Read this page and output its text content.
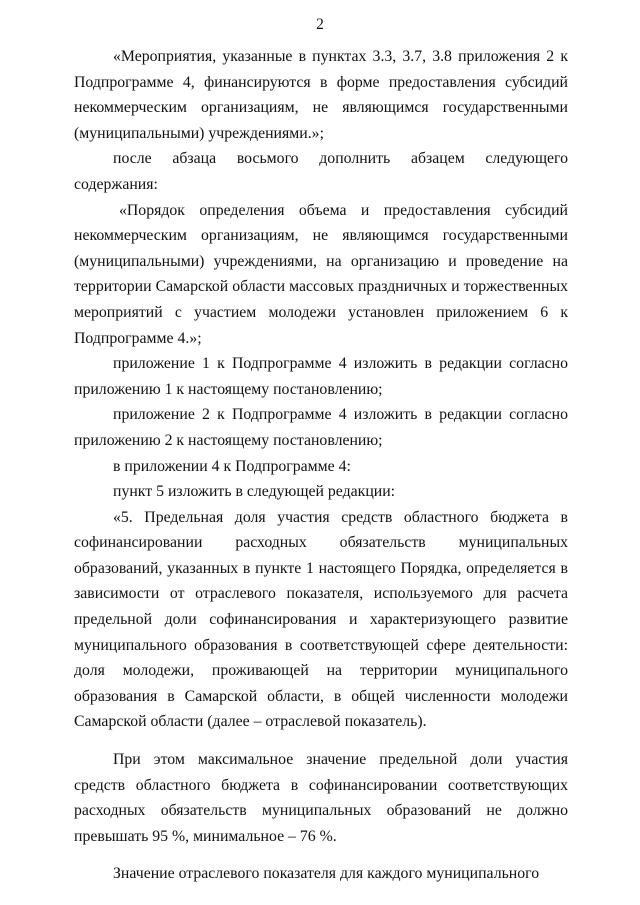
2

«Мероприятия, указанные в пунктах 3.3, 3.7, 3.8 приложения 2 к Подпрограмме 4, финансируются в форме предоставления субсидий некоммерческим организациям, не являющимся государственными (муниципальными) учреждениями.»;

после абзаца восьмого дополнить абзацем следующего содержания:

«Порядок определения объема и предоставления субсидий некоммерческим организациям, не являющимся государственными (муниципальными) учреждениями, на организацию и проведение на территории Самарской области массовых праздничных и торжественных мероприятий с участием молодежи установлен приложением 6 к Подпрограмме 4.»;

приложение 1 к Подпрограмме 4 изложить в редакции согласно приложению 1 к настоящему постановлению;

приложение 2 к Подпрограмме 4 изложить в редакции согласно приложению 2 к настоящему постановлению;

в приложении 4 к Подпрограмме 4:

пункт 5 изложить в следующей редакции:

«5. Предельная доля участия средств областного бюджета в софинансировании расходных обязательств муниципальных образований, указанных в пункте 1 настоящего Порядка, определяется в зависимости от отраслевого показателя, используемого для расчета предельной доли софинансирования и характеризующего развитие муниципального образования в соответствующей сфере деятельности: доля молодежи, проживающей на территории муниципального образования в Самарской области, в общей численности молодежи Самарской области (далее – отраслевой показатель).

При этом максимальное значение предельной доли участия средств областного бюджета в софинансировании соответствующих расходных обязательств муниципальных образований не должно превышать 95 %, минимальное – 76 %.

Значение отраслевого показателя для каждого муниципального
